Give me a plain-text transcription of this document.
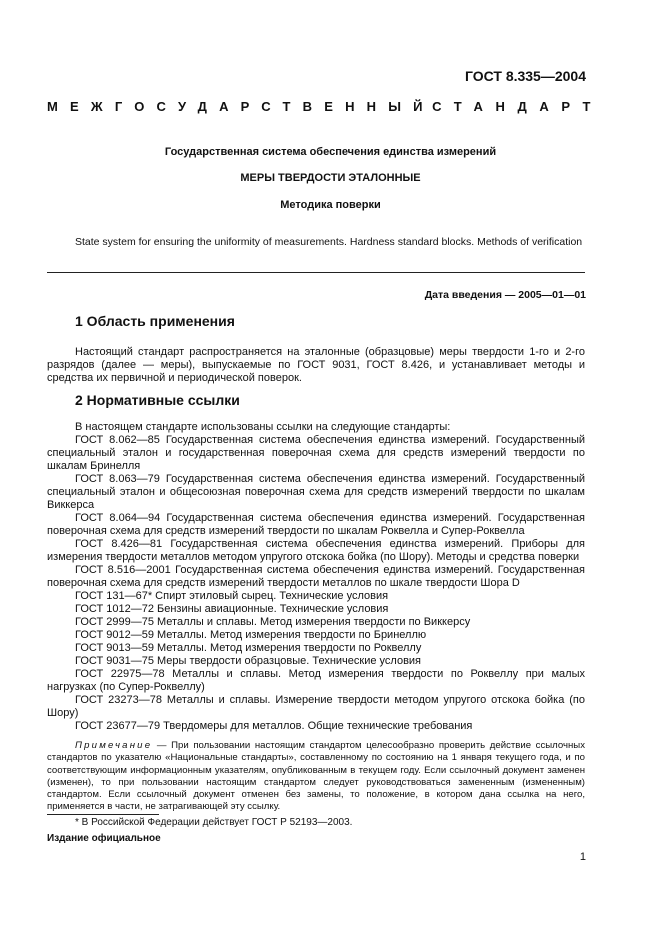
ГОСТ 8.335—2004
МЕЖГОСУДАРСТВЕННЫЙ
СТАНДАРТ
Государственная система обеспечения единства измерений
МЕРЫ ТВЕРДОСТИ ЭТАЛОННЫЕ
Методика поверки
State system for ensuring the uniformity of measurements. Hardness standard blocks. Methods of verification
Дата введения — 2005—01—01
1 Область применения

Настоящий стандарт распространяется на эталонные (образцовые) меры твердости 1-го и 2-го разрядов (далее — меры), выпускаемые по ГОСТ 9031, ГОСТ 8.426, и устанавливает методы и средства их первичной и периодической поверок.

2 Нормативные ссылки

В настоящем стандарте использованы ссылки на следующие стандарты:

ГОСТ 8.062—85 Государственная система обеспечения единства измерений. Государственный специальный эталон и государственная поверочная схема для средств измерений твердости по шкалам Бринелля

ГОСТ 8.063—79 Государственная система обеспечения единства измерений. Государственный специальный эталон и общесоюзная поверочная схема для средств измерений твердости по шкалам Виккерса

ГОСТ 8.064—94 Государственная система обеспечения единства измерений. Государственная поверочная схема для средств измерений твердости по шкалам Роквелла и Супер-Роквелла

ГОСТ 8.426—81 Государственная система обеспечения единства измерений. Приборы для измерения твердости металлов методом упругого отскока бойка (по Шору). Методы и средства поверки

ГОСТ 8.516—2001 Государственная система обеспечения единства измерений. Государственная поверочная схема для средств измерений твердости металлов по шкале твердости Шора D

ГОСТ 131—67* Спирт этиловый сырец. Технические условия

ГОСТ 1012—72 Бензины авиационные. Технические условия

ГОСТ 2999—75 Металлы и сплавы. Метод измерения твердости по Виккерсу

ГОСТ 9012—59 Металлы. Метод измерения твердости по Бринеллю

ГОСТ 9013—59 Металлы. Метод измерения твердости по Роквеллу

ГОСТ 9031—75 Меры твердости образцовые. Технические условия

ГОСТ 22975—78 Металлы и сплавы. Метод измерения твердости по Роквеллу при малых нагрузках (по Супер-Роквеллу)

ГОСТ 23273—78 Металлы и сплавы. Измерение твердости методом упругого отскока бойка (по Шору)

ГОСТ 23677—79 Твердомеры для металлов. Общие технические требования

Примечание — При пользовании настоящим стандартом целесообразно проверить действие ссылочных стандартов по указателю «Национальные стандарты», составленному по состоянию на 1 января текущего года, и по соответствующим информационным указателям, опубликованным в текущем году. Если ссылочный документ заменен (изменен), то при пользовании настоящим стандартом следует руководствоваться замененным (измененным) стандартом. Если ссылочный документ отменен без замены, то положение, в котором дана ссылка на него, применяется в части, не затрагивающей эту ссылку.

* В Российской Федерации действует ГОСТ Р 52193—2003.
Издание официальное
1
